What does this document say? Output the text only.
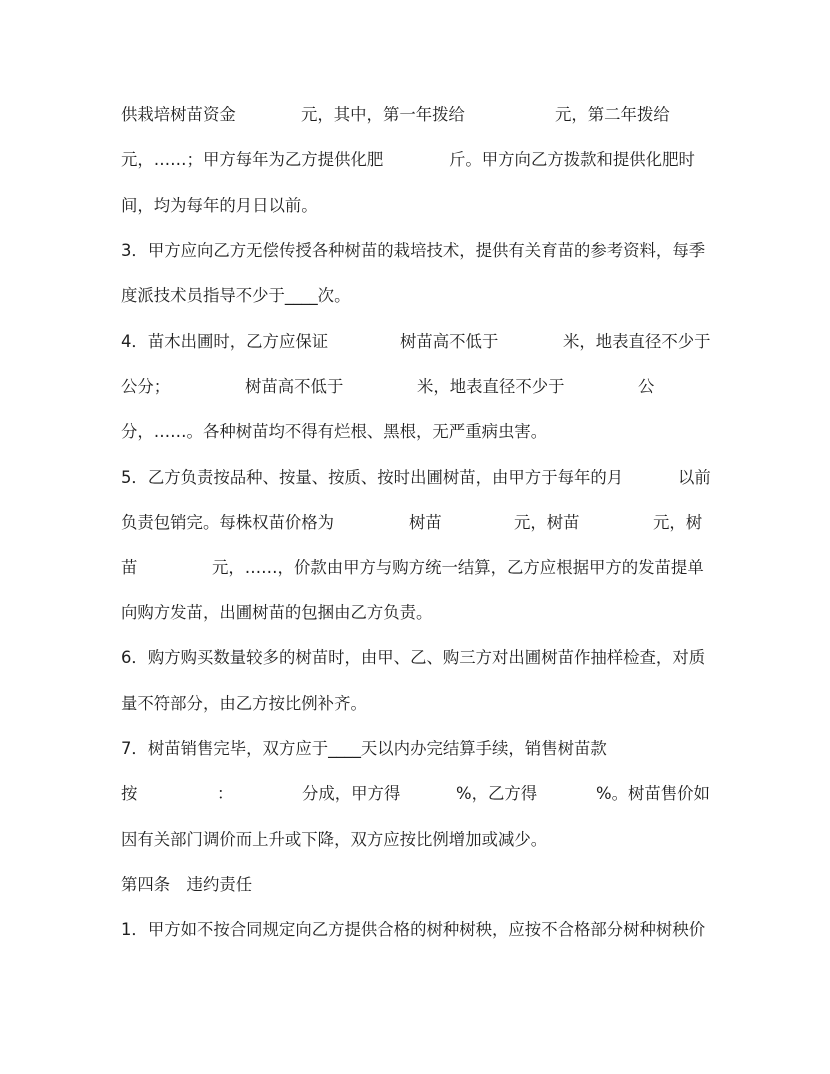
供栽培树苗资金	元，其中，第一年拨给	元，第二年拨给
元，……；甲方每年为乙方提供化肥	斤。甲方向乙方拨款和提供化肥时
间，均为每年的月日以前。
3．甲方应向乙方无偿传授各种树苗的栽培技术，提供有关育苗的参考资料，每季
度派技术员指导不少于____次。
4．苗木出圃时，乙方应保证	树苗高不低于	米，地表直径不少于
公分；	树苗高不低于	米，地表直径不少于	公
分，……。各种树苗均不得有烂根、黑根，无严重病虫害。
5．乙方负责按品种、按量、按质、按时出圃树苗，由甲方于每年的月	以前
负责包销完。每株权苗价格为	树苗	元，树苗	元，树
苗	元，……，价款由甲方与购方统一结算，乙方应根据甲方的发苗提单
向购方发苗，出圃树苗的包捆由乙方负责。
6．购方购买数量较多的树苗时，由甲、乙、购三方对出圃树苗作抽样检查，对质
量不符部分，由乙方按比例补齐。
7．树苗销售完毕，双方应于____天以内办完结算手续，销售树苗款
按	：	分成，甲方得	%，乙方得	%。树苗售价如
因有关部门调价而上升或下降，双方应按比例增加或减少。
第四条　违约责任
1．甲方如不按合同规定向乙方提供合格的树种树秧，应按不合格部分树种树秧价
